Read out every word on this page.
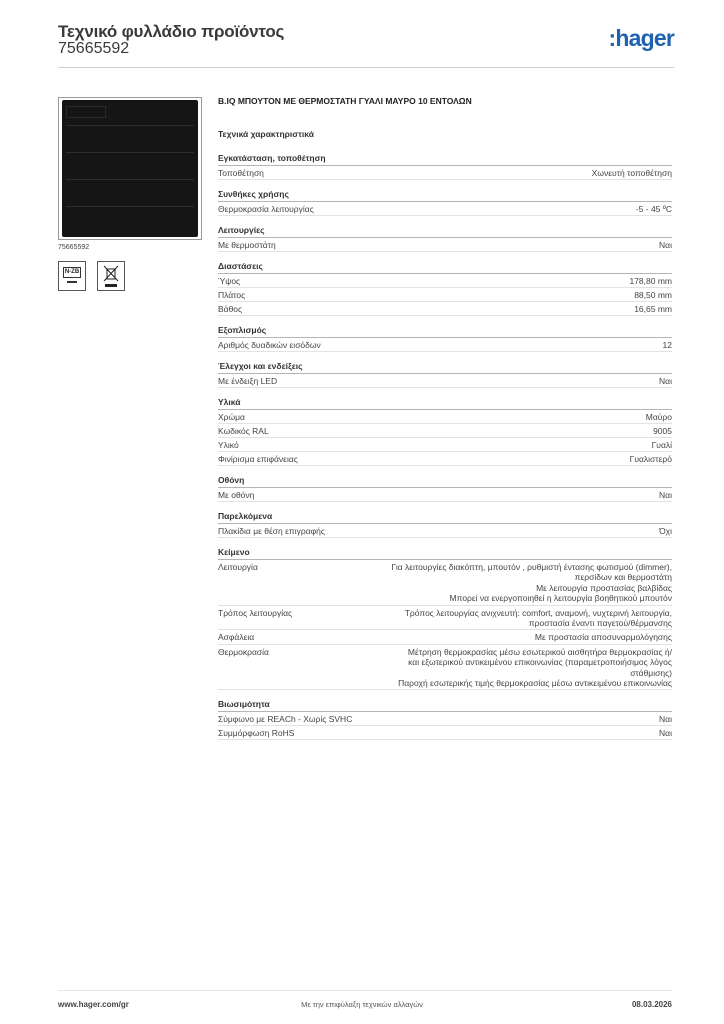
Τεχνικό φυλλάδιο προϊόντος
75665592	:hager
75665592
N-ZB
B.IQ ΜΠΟΥΤΟΝ ΜΕ ΘΕΡΜΟΣΤΑΤΗ ΓΥΑΛΙ ΜΑΥΡΟ 10 ΕΝΤΟΛΩΝ
Τεχνικά χαρακτηριστικά
Εγκατάσταση, τοποθέτηση
Τοποθέτηση	Χωνευτή τοποθέτηση
Συνθήκες χρήσης
Θερμοκρασία λειτουργίας	-5 - 45 ºC
Λειτουργίες
Με θερμοστάτη	Ναι
Διαστάσεις
Ύψος	178,80 mm
Πλάτος	88,50 mm
Βάθος	16,65 mm
Εξοπλισμός
Αριθμός δυαδικών εισόδων	12
Έλεγχοι και ενδείξεις
Με ένδειξη LED	Ναι
Υλικά
Χρώμα	Μαύρο
Κωδικός RAL	9005
Υλικό	Γυαλί
Φινίρισμα επιφάνειας	Γυαλιστερό
Οθόνη
Με οθόνη	Ναι
Παρελκόμενα
Πλακίδια με θέση επιγραφής	Όχι
Κείμενο
Λειτουργία	Για λειτουργίες διακόπτη, μπουτόν , ρυθμιστή έντασης φωτισμού (dimmer),
περσίδων και θερμοστάτη
Με λειτουργία προστασίας βαλβίδας
Μπορεί να ενεργοποιηθεί η λειτουργία βοηθητικού μπουτόν
Τρόπος λειτουργίας	Τρόπος λειτουργίας ανιχνευτή: comfort, αναμονή, νυχτερινή λειτουργία,
προστασία έναντι παγετού/θέρμανσης
Ασφάλεια	Με προστασία αποσυναρμολόγησης
Θερμοκρασία	Μέτρηση θερμοκρασίας μέσω εσωτερικού αισθητήρα θερμοκρασίας ή/
και εξωτερικού αντικειμένου επικοινωνίας (παραμετροποιήσιμος λόγος
στάθμισης)
Παροχή εσωτερικής τιμής θερμοκρασίας μέσω αντικειμένου επικοινωνίας
Βιωσιμότητα
Σύμφωνο με REACh - Χωρίς SVHC	Ναι
Συμμόρφωση RoHS	Ναι
www.hager.com/gr	Με την επιφύλαξη τεχνικών αλλαγών	08.03.2026
